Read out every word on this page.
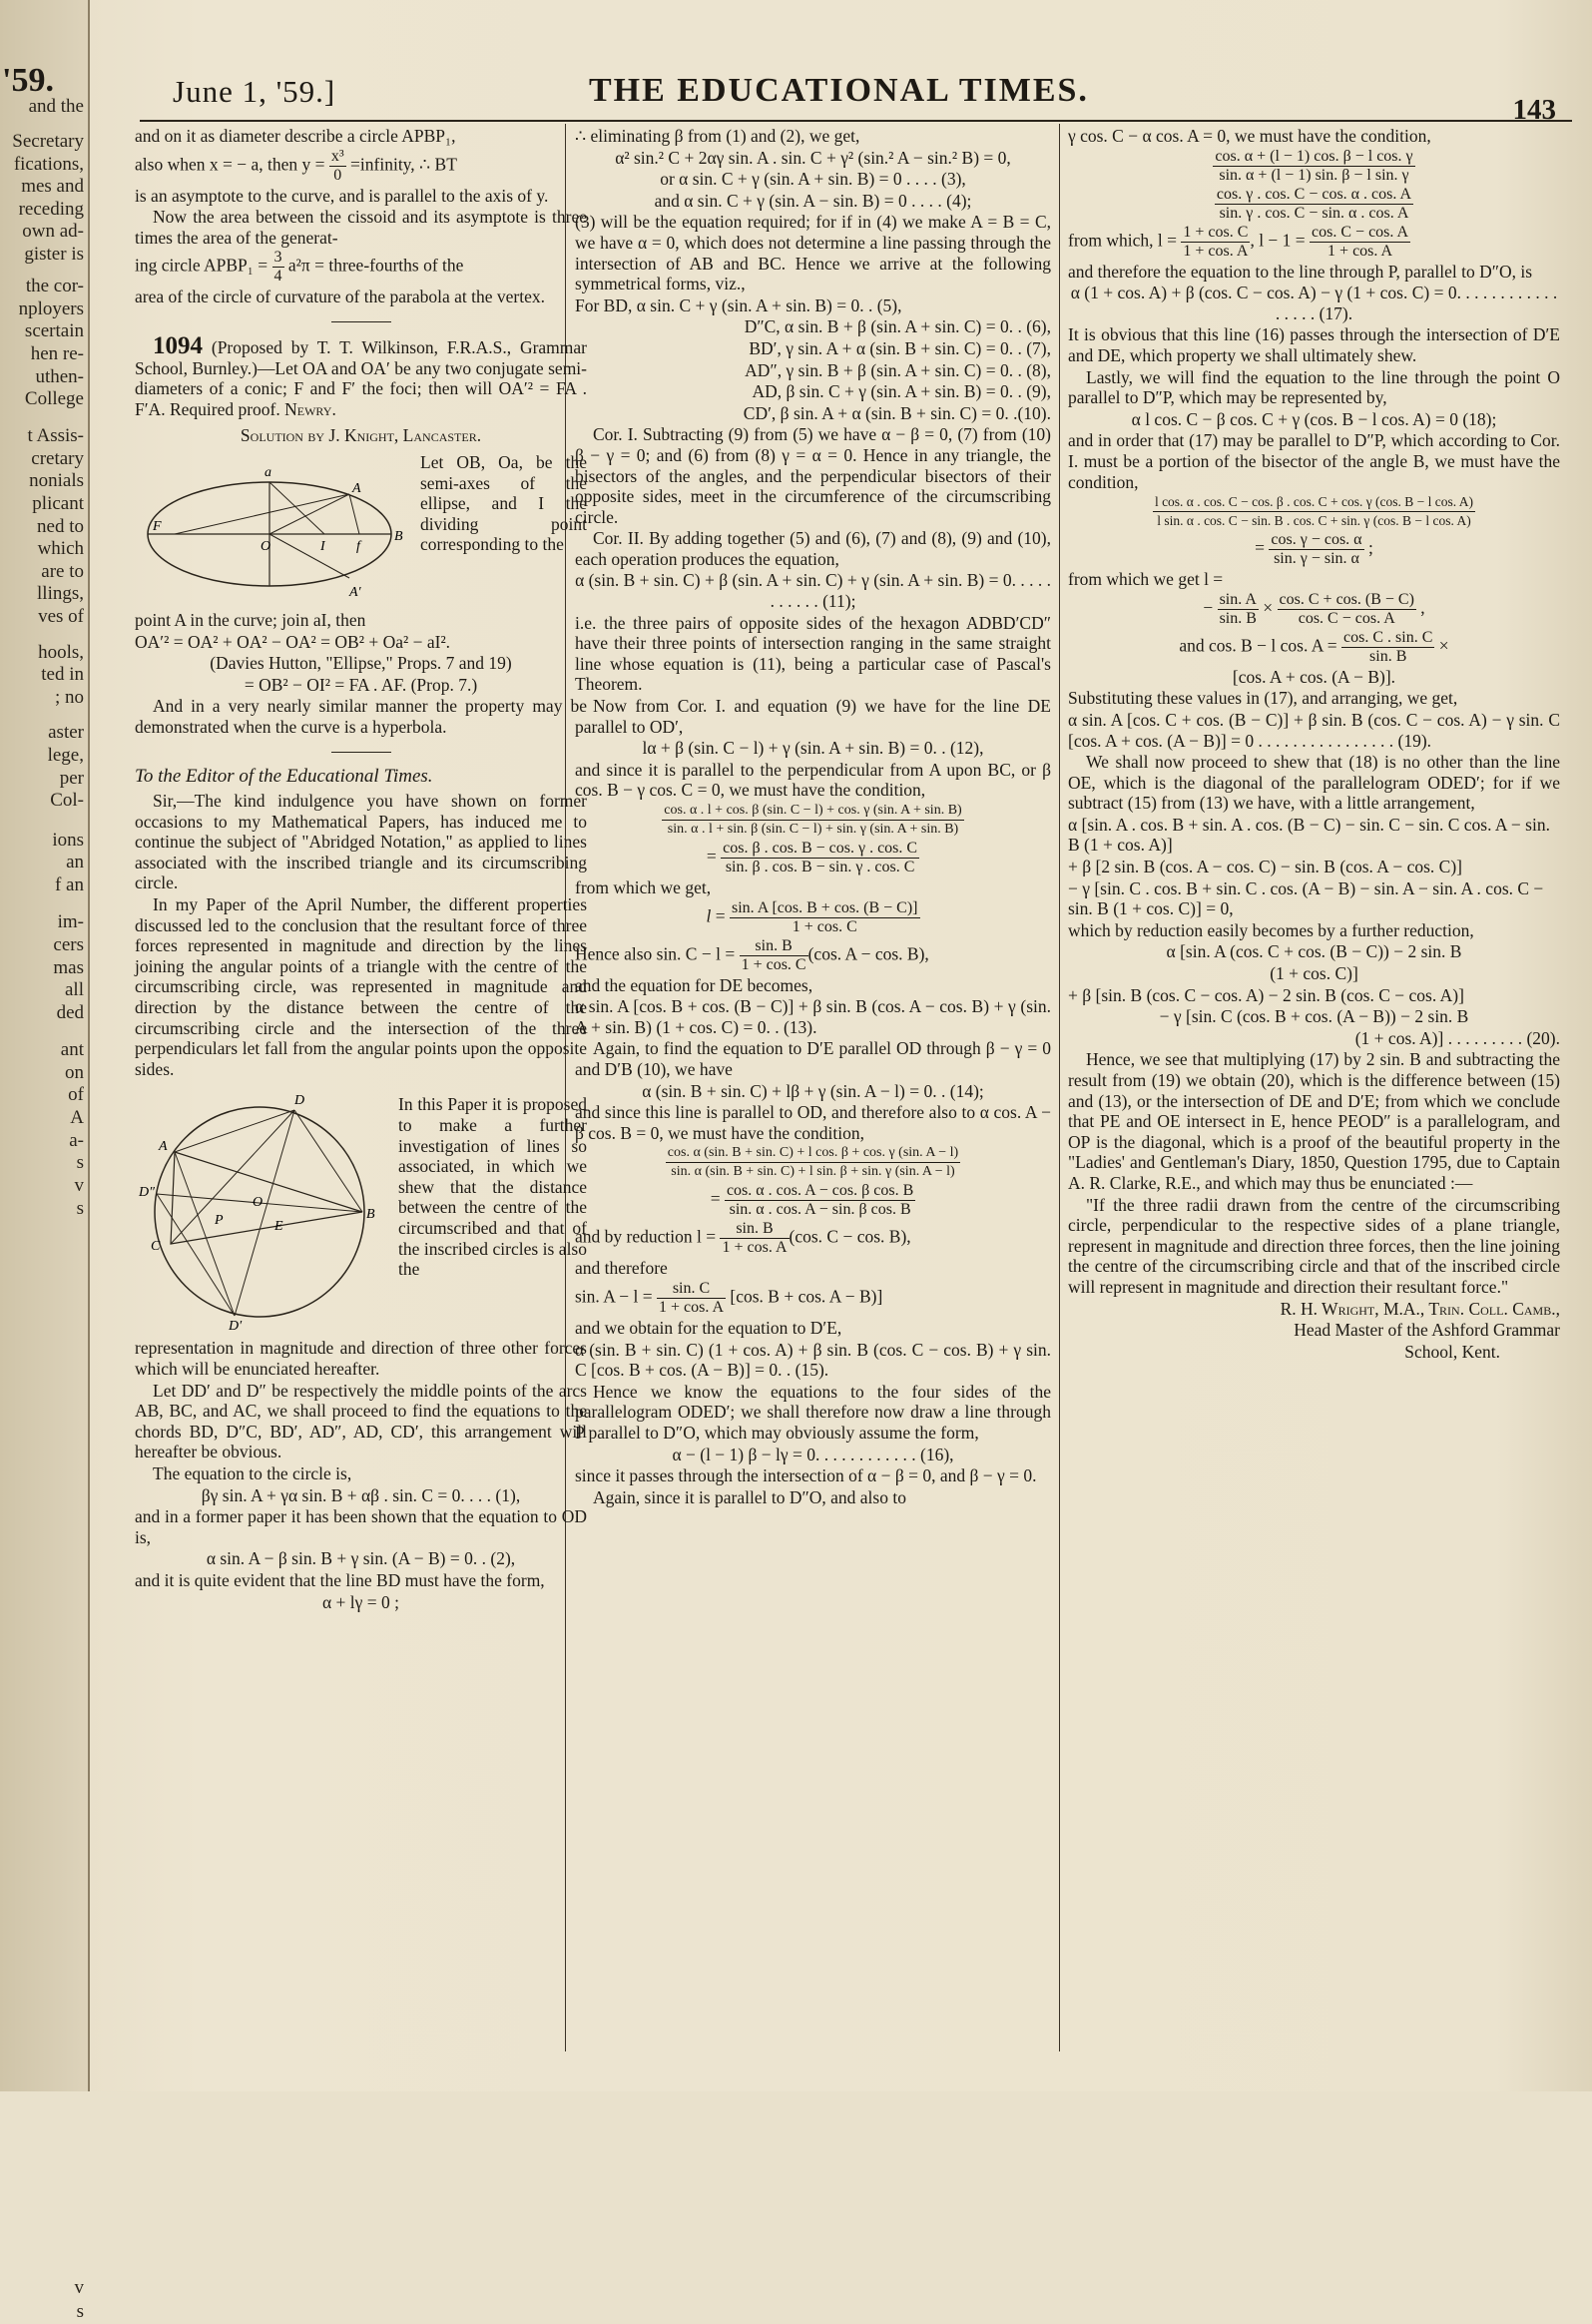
'59.
and the
Secretary
fications,
mes and
receding
own ad-
gister is
the cor-
nployers
scertain
hen re-
uthen-
College
t Assis-
cretary
nonials
plicant
ned to
which
are to
llings,
ves of
hools,
ted in
; no
aster
lege,
per
Col-
ions
an
f an
im-
cers
mas
all
ded
ant
on
of
A
a-
s
v
s
v
s
June 1, '59.]	THE EDUCATIONAL TIMES.
143

and on it as diameter describe a circle APBP₁,

also when x = − a, then $y = \frac{\text{x³}}{0}$ =infinity, ∴ BT

is an asymptote to the curve, and is parallel to the axis of y.

Now the area between the cissoid and its asymptote is three times the area of the generat-

ing circle APBP₁ = $\frac{3}{4} a^2\pi$ = three-fourths of the

area of the circle of curvature of the parabola at the vertex.

1094 (Proposed by T. T. Wilkinson, F.R.A.S., Grammar School, Burnley.)—Let OA and OA′ be any two conjugate semi-diameters of a conic; F and F′ the foci; then will OA′² = FA . F′A. Required proof. Newry.

Solution by J. Knight, Lancaster.

a
A
B
O	I f
A′
F

Let OB, Oa, be the semi-axes of the ellipse, and I the dividing point corresponding to the

point A in the curve; join aI, then

OA′² = OA² + OA² − OA² = OB² + Oa² − aI².

(Davies Hutton, "Ellipse," Props. 7 and 19)

= OB² − OI² = FA . AF. (Prop. 7.)

And in a very nearly similar manner the property may be demonstrated when the curve is a hyperbola.

To the Editor of the Educational Times.

Sir,—The kind indulgence you have shown on former occasions to my Mathematical Papers, has induced me to continue the subject of "Abridged Notation," as applied to lines associated with the inscribed triangle and its circumscribing circle.

In my Paper of the April Number, the different properties discussed led to the conclusion that the resultant force of three forces represented in magnitude and direction by the lines joining the angular points of a triangle with the centre of the circumscribing circle, was represented in magnitude and direction by the distance between the centre of the circumscribing circle and the intersection of the three perpendiculars let fall from the angular points upon the opposite sides.

D
A
D″
O
P	E
B
C
D′

In this Paper it is proposed to make a further investigation of lines so associated, in which we shew that the distance between the centre of the circumscribed and that of the inscribed circles is also the

representation in magnitude and direction of three other forces which will be enunciated hereafter.

Let DD′ and D″ be respectively the middle points of the arcs AB, BC, and AC, we shall proceed to find the equations to the chords BD, D″C, BD′, AD″, AD, CD′, this arrangement will hereafter be obvious.

The equation to the circle is,

βγ sin. A + γα sin. B + αβ . sin. C = 0. . . . (1),

and in a former paper it has been shown that the equation to OD is,

α sin. A − β sin. B + γ sin. (A − B) = 0. . (2),

and it is quite evident that the line BD must have the form,

α + lγ = 0 ;

∴ eliminating β from (1) and (2), we get,

α² sin.² C + 2αγ sin. A . sin. C + γ² (sin.² A − sin.² B) = 0,

or α sin. C + γ (sin. A + sin. B) = 0 . . . . (3),

and α sin. C + γ (sin. A − sin. B) = 0 . . . . (4);

(3) will be the equation required; for if in (4) we make A = B = C, we have α = 0, which does not determine a line passing through the intersection of AB and BC. Hence we arrive at the following symmetrical forms, viz.,

For BD, α sin. C + γ (sin. A + sin. B) = 0. . (5),

D″C, α sin. B + β (sin. A + sin. C) = 0. . (6),

BD′, γ sin. A + α (sin. B + sin. C) = 0. . (7),

AD″, γ sin. B + β (sin. A + sin. C) = 0. . (8),

AD, β sin. C + γ (sin. A + sin. B) = 0. . (9),

CD′, β sin. A + α (sin. B + sin. C) = 0. .(10).

Cor. I. Subtracting (9) from (5) we have α − β = 0, (7) from (10) β − γ = 0; and (6) from (8) γ = α = 0. Hence in any triangle, the bisectors of the angles, and the perpendicular bisectors of their opposite sides, meet in the circumference of the circumscribing circle.

Cor. II. By adding together (5) and (6), (7) and (8), (9) and (10), each operation produces the equation,

α (sin. B + sin. C) + β (sin. A + sin. C) + γ (sin. A + sin. B) = 0. . . . . . . . . . . (11);

i.e. the three pairs of opposite sides of the hexagon ADBD′CD″ have their three points of intersection ranging in the same straight line whose equation is (11), being a particular case of Pascal's Theorem.

Now from Cor. I. and equation (9) we have for the line DE parallel to OD′,

lα + β (sin. C − l) + γ (sin. A + sin. B) = 0. . (12),

and since it is parallel to the perpendicular from A upon BC, or β cos. B − γ cos. C = 0, we must have the condition,

$\frac{\cos. \alpha . l + \cos. \beta (\sin. C - l) + \cos. \gamma (\sin. A + \sin. B)}{\sin. \alpha . l + \sin. \beta (\sin. C - l) + \sin. \gamma (\sin. A + \sin. B)}$

= $\frac{\cos. \beta . \cos. B - \cos. \gamma . \cos. C}{\sin. \beta . \cos. B - \sin. \gamma . \cos. C}$

from which we get,

$l = \frac{\sin. A [\cos. B + \cos. (B - C)]}{1 + \cos. C}$

Hence also sin. $C - l = \frac{\sin. B}{1 + \cos. C} (\cos$. A − cos. B),

and the equation for DE becomes,

α sin. A [cos. B + cos. (B − C)] + β sin. B (cos. A − cos. B) + γ (sin. A + sin. B) (1 + cos. C) = 0. . (13).

Again, to find the equation to D′E parallel OD through β − γ = 0 and D′B (10), we have

α (sin. B + sin. C) + lβ + γ (sin. A − l) = 0. . (14);

and since this line is parallel to OD, and therefore also to α cos. A − β cos. B = 0, we must have the condition,

$\frac{\text{cos. α (sin. B + sin. C) + l cos. β + cos. γ (sin. A − l)}}{\text{sin. α (sin. B + sin. C) + l sin. β + sin. γ (sin. A − l)}}$

= $\frac{\text{cos. α . cos. A − cos. β cos. B}}{\text{sin. α . cos. A − sin. β cos. B}}$

and by reduction $l = \frac{\sin. B}{1 + \cos. A} (\cos$. C − cos. B),

and therefore

sin. $A - l = \frac{\sin. C}{1 + \cos. A} [\cos$. B + cos. A − B)]

and we obtain for the equation to D′E,

α (sin. B + sin. C) (1 + cos. A) + β sin. B (cos. C − cos. B) + γ sin. C [cos. B + cos. (A − B)] = 0. . (15).

Hence we know the equations to the four sides of the parallelogram ODED′; we shall therefore now draw a line through P parallel to D″O, which may obviously assume the form,

α − (l − 1) β − lγ = 0. . . . . . . . . . . . (16),

since it passes through the intersection of α − β = 0, and β − γ = 0.

Again, since it is parallel to D″O, and also to

γ cos. C − α cos. A = 0, we must have the condition,

$\frac{\text{cos. α + (l − 1) cos. β − l cos. γ}}{\text{sin. α + (l − 1) sin. β − l sin. γ}}$

$\frac{\cos. \gamma . \cos. C - \cos. \alpha . \cos. A}{\sin. \gamma . \cos. C - \sin. \alpha . \cos. A}$

from which, $l = \frac{1 + \cos. C}{1 + \cos. A}$ , $l - 1 = \frac{\cos. C - \cos. A}{1 + \cos. A}$

and therefore the equation to the line through P, parallel to D″O, is

α (1 + cos. A) + β (cos. C − cos. A) − γ (1 + cos. C) = 0. . . . . . . . . . . . . . . . . (17).

It is obvious that this line (16) passes through the intersection of D′E and DE, which property we shall ultimately shew.

Lastly, we will find the equation to the line through the point O parallel to D″P, which may be represented by,

α l cos. C − β cos. C + γ (cos. B − l cos. A) = 0 (18);

and in order that (17) may be parallel to D″P, which according to Cor. I. must be a portion of the bisector of the angle B, we must have the condition,

l cos. α . cos. C − cos. β . cos. C + cos. γ (cos. B − l cos. A)
l sin. α . cos. C − sin. B . cos. C + sin. γ (cos. B − l cos. A)

= $\frac{\cos. \gamma - \cos. \alpha}{\sin. \gamma - \sin. \alpha}$ ;

from which we get l =

− $\frac{\sin. A}{\sin. B} \times \frac{\cos. C + \cos. (B - C)}{\cos. C - \cos. A}$ ,

and cos. B − l cos. $A = \frac{\cos. C . \sin. C}{\sin. B}$ ×

[cos. A + cos. (A − B)].

Substituting these values in (17), and arranging, we get,

α sin. A [cos. C + cos. (B − C)] + β sin. B (cos. C − cos. A) − γ sin. C [cos. A + cos. (A − B)] = 0 . . . . . . . . . . . . . . . . (19).

We shall now proceed to shew that (18) is no other than the line OE, which is the diagonal of the parallelogram ODED′; for if we subtract (15) from (13) we have, with a little arrangement,

α [sin. A . cos. B + sin. A . cos. (B − C) − sin. C − sin. C cos. A − sin. B (1 + cos. A)]

+ β [2 sin. B (cos. A − cos. C) − sin. B (cos. A − cos. C)]

− γ [sin. C . cos. B + sin. C . cos. (A − B) − sin. A − sin. A . cos. C − sin. B (1 + cos. C)] = 0,

which by reduction easily becomes by a further reduction,

α [sin. A (cos. C + cos. (B − C)) − 2 sin. B

(1 + cos. C)]

+ β [sin. B (cos. C − cos. A) − 2 sin. B (cos. C − cos. A)]

− γ [sin. C (cos. B + cos. (A − B)) − 2 sin. B

(1 + cos. A)] . . . . . . . . . (20).

Hence, we see that multiplying (17) by 2 sin. B and subtracting the result from (19) we obtain (20), which is the difference between (15) and (13), or the intersection of DE and D′E; from which we conclude that PE and OE intersect in E, hence PEOD″ is a parallelogram, and OP is the diagonal, which is a proof of the beautiful property in the "Ladies' and Gentleman's Diary, 1850, Question 1795, due to Captain A. R. Clarke, R.E., and which may thus be enunciated :—

"If the three radii drawn from the centre of the circumscribing circle, perpendicular to the respective sides of a plane triangle, represent in magnitude and direction three forces, then the line joining the centre of the circumscribing circle and that of the inscribed circle will represent in magnitude and direction their resultant force."

R. H. Wright, M.A., Trin. Coll. Camb.,

Head Master of the Ashford Grammar

School, Kent.
